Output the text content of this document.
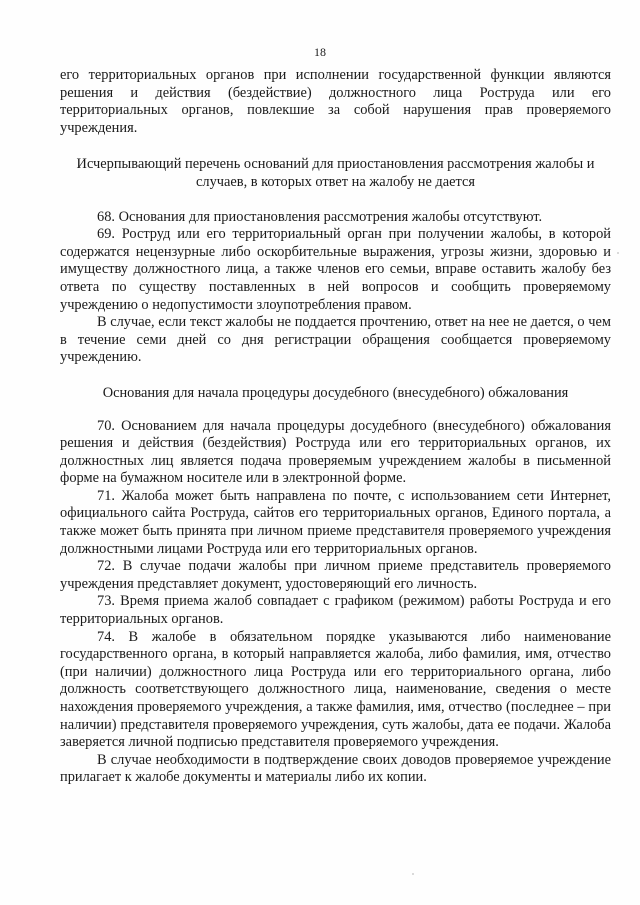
18

его территориальных органов при исполнении государственной функции являются решения и действия (бездействие) должностного лица Роструда или его территориальных органов, повлекшие за собой нарушения прав проверяемого учреждения.

Исчерпывающий перечень оснований для приостановления рассмотрения жалобы и случаев, в которых ответ на жалобу не дается

68. Основания для приостановления рассмотрения жалобы отсутствуют.

69. Роструд или его территориальный орган при получении жалобы, в которой содержатся нецензурные либо оскорбительные выражения, угрозы жизни, здоровью и имуществу должностного лица, а также членов его семьи, вправе оставить жалобу без ответа по существу поставленных в ней вопросов и сообщить проверяемому учреждению о недопустимости злоупотребления правом.

В случае, если текст жалобы не поддается прочтению, ответ на нее не дается, о чем в течение семи дней со дня регистрации обращения сообщается проверяемому учреждению.

Основания для начала процедуры досудебного (внесудебного) обжалования

70. Основанием для начала процедуры досудебного (внесудебного) обжалования решения и действия (бездействия) Роструда или его территориальных органов, их должностных лиц является подача проверяемым учреждением жалобы в письменной форме на бумажном носителе или в электронной форме.

71. Жалоба может быть направлена по почте, с использованием сети Интернет, официального сайта Роструда, сайтов его территориальных органов, Единого портала, а также может быть принята при личном приеме представителя проверяемого учреждения должностными лицами Роструда или его территориальных органов.

72. В случае подачи жалобы при личном приеме представитель проверяемого учреждения представляет документ, удостоверяющий его личность.

73. Время приема жалоб совпадает с графиком (режимом) работы Роструда и его территориальных органов.

74. В жалобе в обязательном порядке указываются либо наименование государственного органа, в который направляется жалоба, либо фамилия, имя, отчество (при наличии) должностного лица Роструда или его территориального органа, либо должность соответствующего должностного лица, наименование, сведения о месте нахождения проверяемого учреждения, а также фамилия, имя, отчество (последнее – при наличии) представителя проверяемого учреждения, суть жалобы, дата ее подачи. Жалоба заверяется личной подписью представителя проверяемого учреждения.

В случае необходимости в подтверждение своих доводов проверяемое учреждение прилагает к жалобе документы и материалы либо их копии.
